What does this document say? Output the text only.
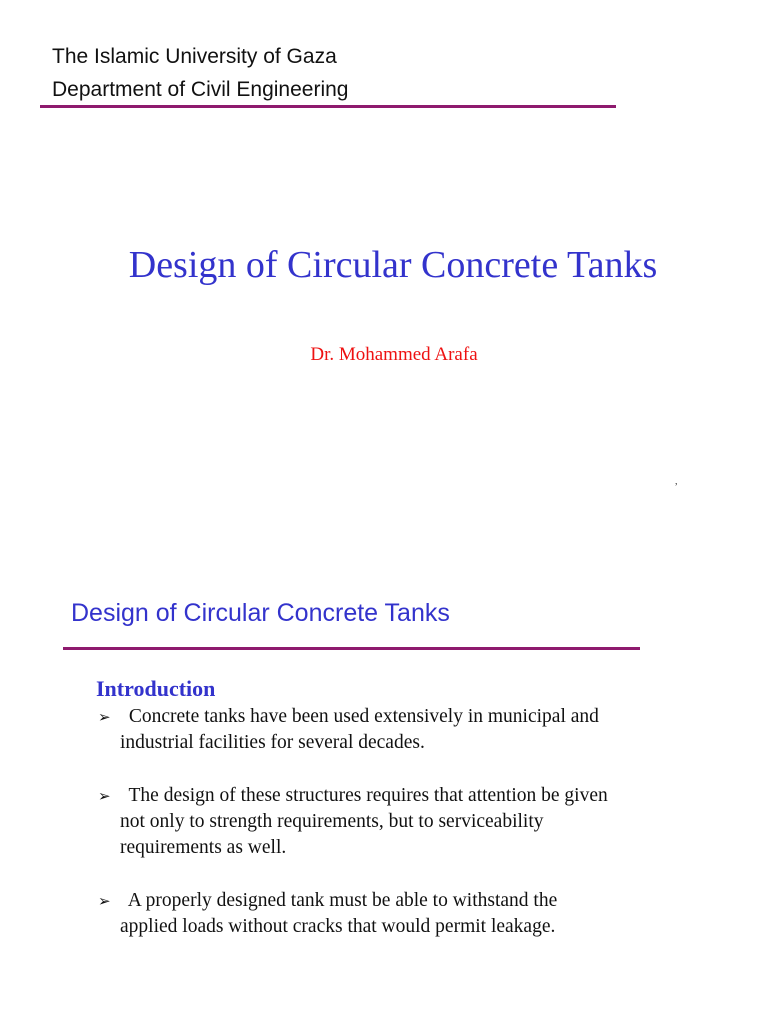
The Islamic University of Gaza
Department of Civil Engineering
Design of Circular Concrete Tanks
Dr. Mohammed Arafa
,
Design of Circular Concrete Tanks
Introduction
➢ Concrete tanks have been used extensively in municipal and
industrial facilities for several decades.
➢ The design of these structures requires that attention be given
not only to strength requirements, but to serviceability
requirements as well.
➢ A properly designed tank must be able to withstand the
applied loads without cracks that would permit leakage.
